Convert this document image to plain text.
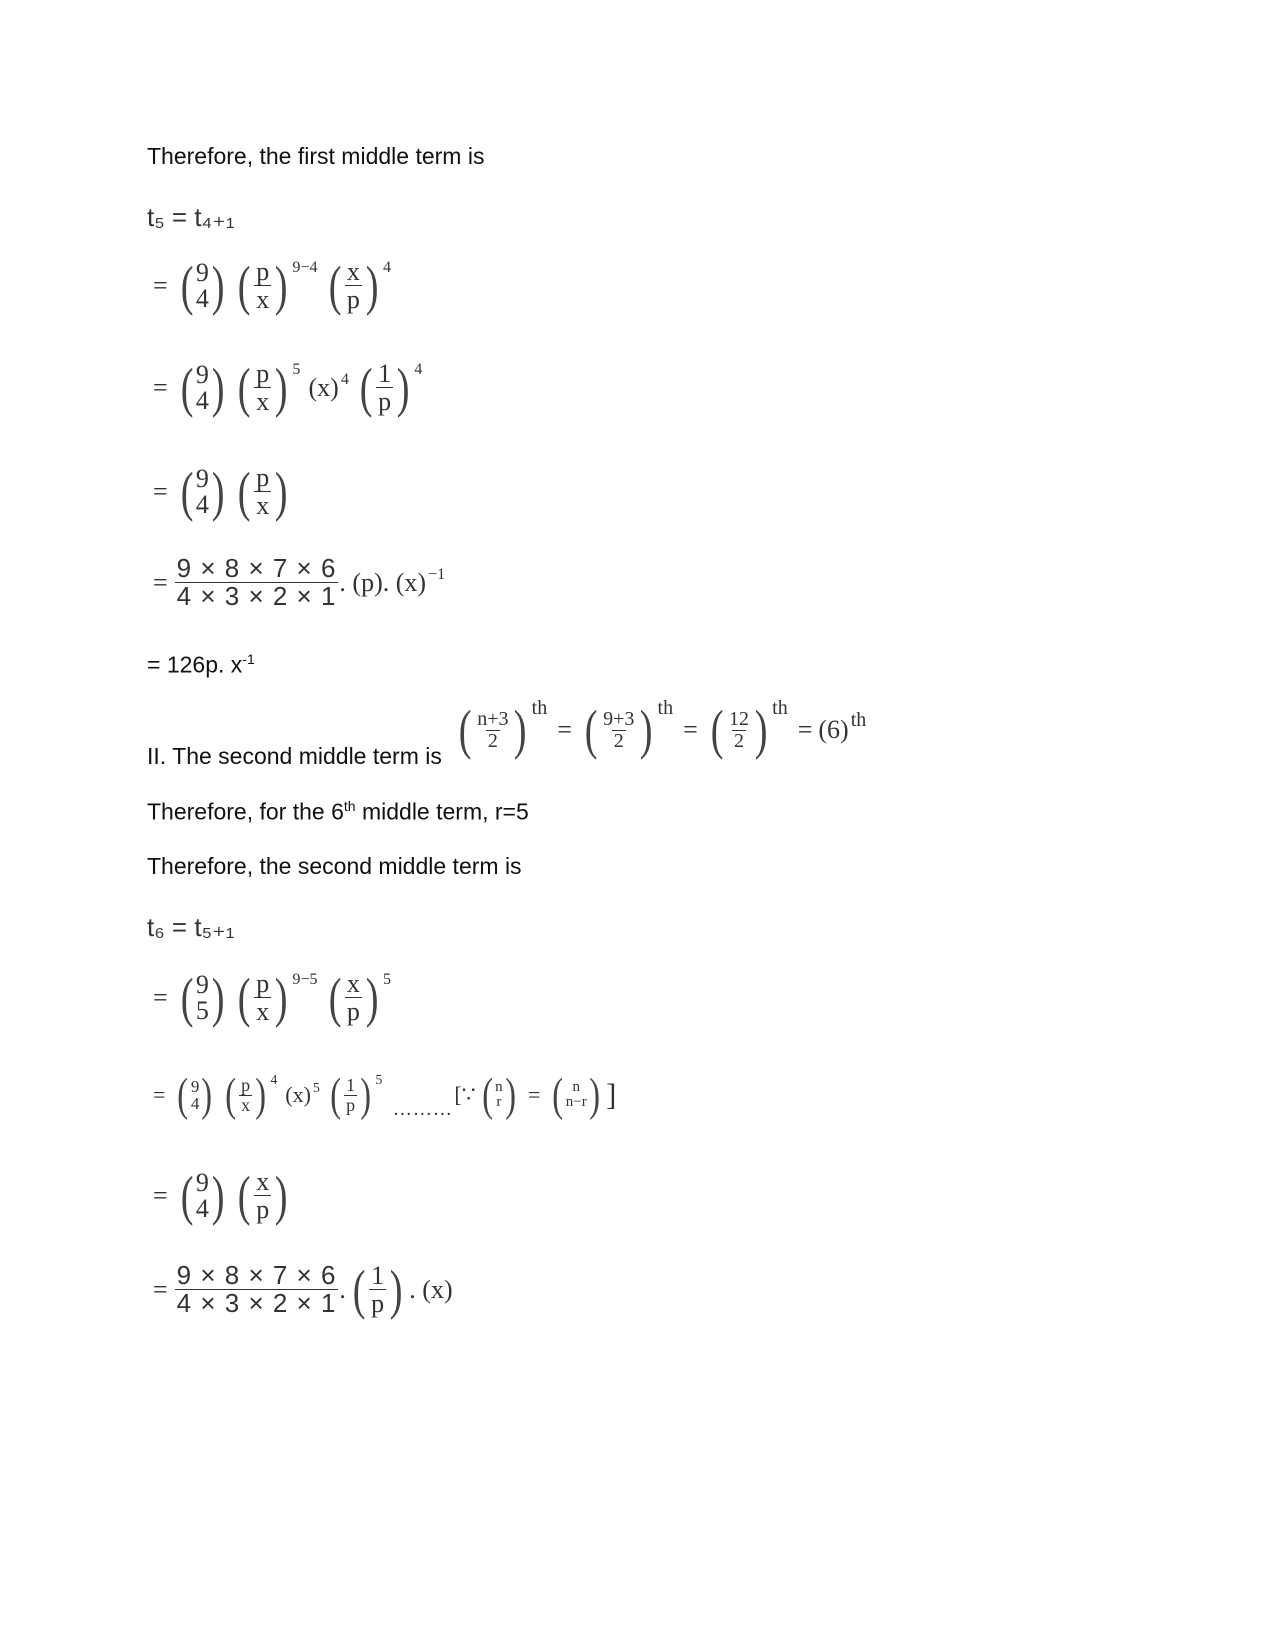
Therefore, the first middle term is
t₅ = t₄₊₁
= ( 9
4 ) ( $\frac{p}{x}$ ) 9−4 ( $\frac{x}{p}$ ) 4
= ( 9
4 ) ( $\frac{p}{x}$ ) 5
(x) 4 ( $\frac{1}{p}$ ) 4
= ( 9
4 ) ( $\frac{p}{x}$ )
= $\frac{9 \times 8 \times 7 \times 6}{4 \times 3 \times 2 \times 1}$ . (p). (x) −1
= 126p. $x^{-1}$
II. The second middle term is ( $\frac{n+3}{2}$ ) th
= ( $\frac{9+3}{2}$ ) th
= ( $\frac{12}{2}$ ) th
= (6) th
Therefore, for the 6th middle term, r=5
Therefore, the second middle term is
t₆ = t₅₊₁
= ( 9
5 ) ( $\frac{p}{x}$ ) 9−5 ( $\frac{x}{p}$ ) 5
= ( 9
4 ) ( $\frac{p}{x}$ ) 4
(x) 5 ( $\frac{1}{p}$ ) 5
………
[∵ ( n
r ) = ( n
n−r ) ]
= ( 9
4 ) ( $\frac{x}{p}$ )
= $\frac{9 \times 8 \times 7 \times 6}{4 \times 3 \times 2 \times 1}$ . ( $\frac{1}{p}$ ) . (x)
